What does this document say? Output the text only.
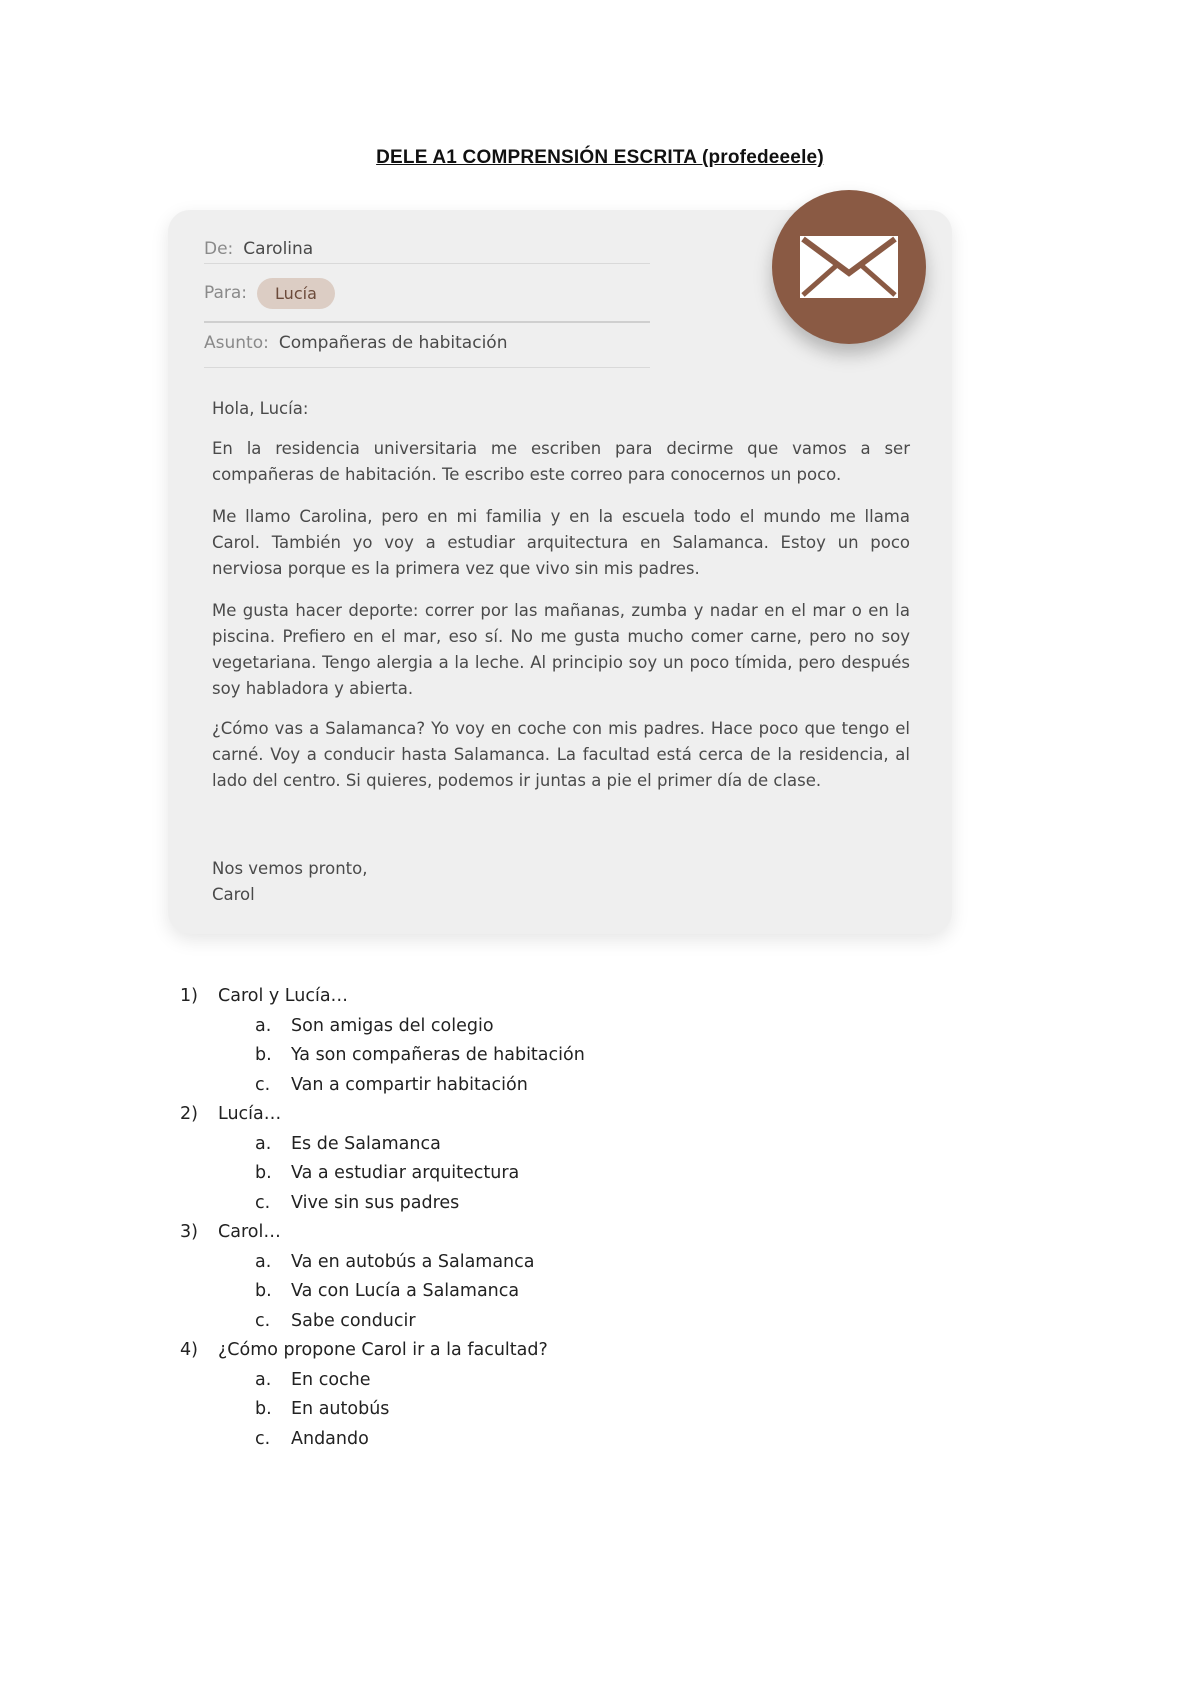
DELE A1 COMPRENSIÓN ESCRITA (profedeeele)
De: Carolina
Para:	Lucía
Asunto: Compañeras de habitación
Hola, Lucía:
En la residencia universitaria me escriben para decirme que vamos a ser compañeras de habitación. Te escribo este correo para conocernos un poco.
Me llamo Carolina, pero en mi familia y en la escuela todo el mundo me llama Carol. También yo voy a estudiar arquitectura en Salamanca. Estoy un poco nerviosa porque es la primera vez que vivo sin mis padres.
Me gusta hacer deporte: correr por las mañanas, zumba y nadar en el mar o en la piscina. Prefiero en el mar, eso sí. No me gusta mucho comer carne, pero no soy vegetariana. Tengo alergia a la leche. Al principio soy un poco tímida, pero después soy habladora y abierta.
¿Cómo vas a Salamanca? Yo voy en coche con mis padres. Hace poco que tengo el carné. Voy a conducir hasta Salamanca. La facultad está cerca de la residencia, al lado del centro. Si quieres, podemos ir juntas a pie el primer día de clase.
Nos vemos pronto,
Carol
1)	Carol y Lucía…
a.	Son amigas del colegio
b.	Ya son compañeras de habitación
c.	Van a compartir habitación
2)	Lucía…
a.	Es de Salamanca
b.	Va a estudiar arquitectura
c.	Vive sin sus padres
3)	Carol…
a.	Va en autobús a Salamanca
b.	Va con Lucía a Salamanca
c.	Sabe conducir
4)	¿Cómo propone Carol ir a la facultad?
a.	En coche
b.	En autobús
c.	Andando
